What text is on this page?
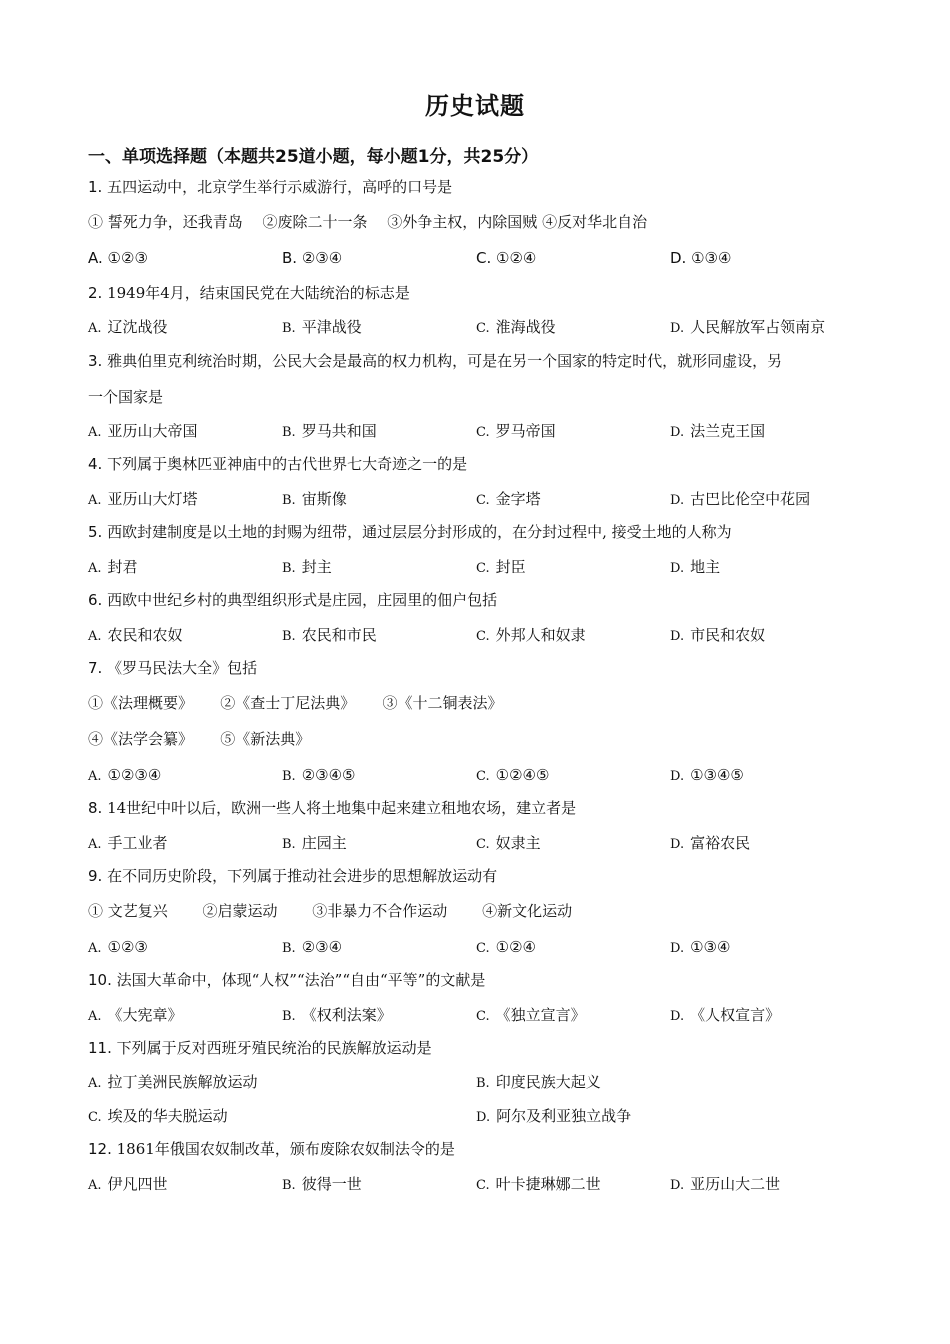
历史试题
一、单项选择题（本题共25道小题，每小题1分，共25分）
1. 五四运动中，北京学生举行示威游行，高呼的口号是
① 誓死力争，还我青岛　 ②废除二十一条　 ③外争主权，内除国贼 ④反对华北自治
A. ①②③	B. ②③④	C. ①②④	D. ①③④
2. 1949年4月，结束国民党在大陆统治的标志是
A. 辽沈战役	B. 平津战役	C. 淮海战役	D. 人民解放军占领南京
3. 雅典伯里克利统治时期，公民大会是最高的权力机构，可是在另一个国家的特定时代，就形同虚设，另
一个国家是
A. 亚历山大帝国	B. 罗马共和国	C. 罗马帝国	D. 法兰克王国
4. 下列属于奥林匹亚神庙中的古代世界七大奇迹之一的是
A. 亚历山大灯塔	B. 宙斯像	C. 金字塔	D. 古巴比伦空中花园
5. 西欧封建制度是以土地的封赐为纽带，通过层层分封形成的，在分封过程中, 接受土地的人称为
A. 封君	B. 封主	C. 封臣	D. 地主
6. 西欧中世纪乡村的典型组织形式是庄园，庄园里的佃户包括
A. 农民和农奴	B. 农民和市民	C. 外邦人和奴隶	D. 市民和农奴
7. 《罗马民法大全》包括
①《法理概要》　　 ②《查士丁尼法典》　　 ③《十二铜表法》
④《法学会纂》　　 ⑤《新法典》
A. ①②③④	B. ②③④⑤	C. ①②④⑤	D. ①③④⑤
8. 14世纪中叶以后，欧洲一些人将土地集中起来建立租地农场，建立者是
A. 手工业者	B. 庄园主	C. 奴隶主	D. 富裕农民
9. 在不同历史阶段，下列属于推动社会进步的思想解放运动有
① 文艺复兴　　 ②启蒙运动　　 ③非暴力不合作运动　　 ④新文化运动
A. ①②③	B. ②③④	C. ①②④	D. ①③④
10. 法国大革命中，体现“人权”“法治”“自由“平等”的文献是
A. 《大宪章》	B. 《权利法案》	C. 《独立宣言》	D. 《人权宣言》
11. 下列属于反对西班牙殖民统治的民族解放运动是
A. 拉丁美洲民族解放运动	B. 印度民族大起义
C. 埃及的华夫脱运动	D. 阿尔及利亚独立战争
12. 1861年俄国农奴制改革，颁布废除农奴制法令的是
A. 伊凡四世	B. 彼得一世	C. 叶卡捷琳娜二世	D. 亚历山大二世
